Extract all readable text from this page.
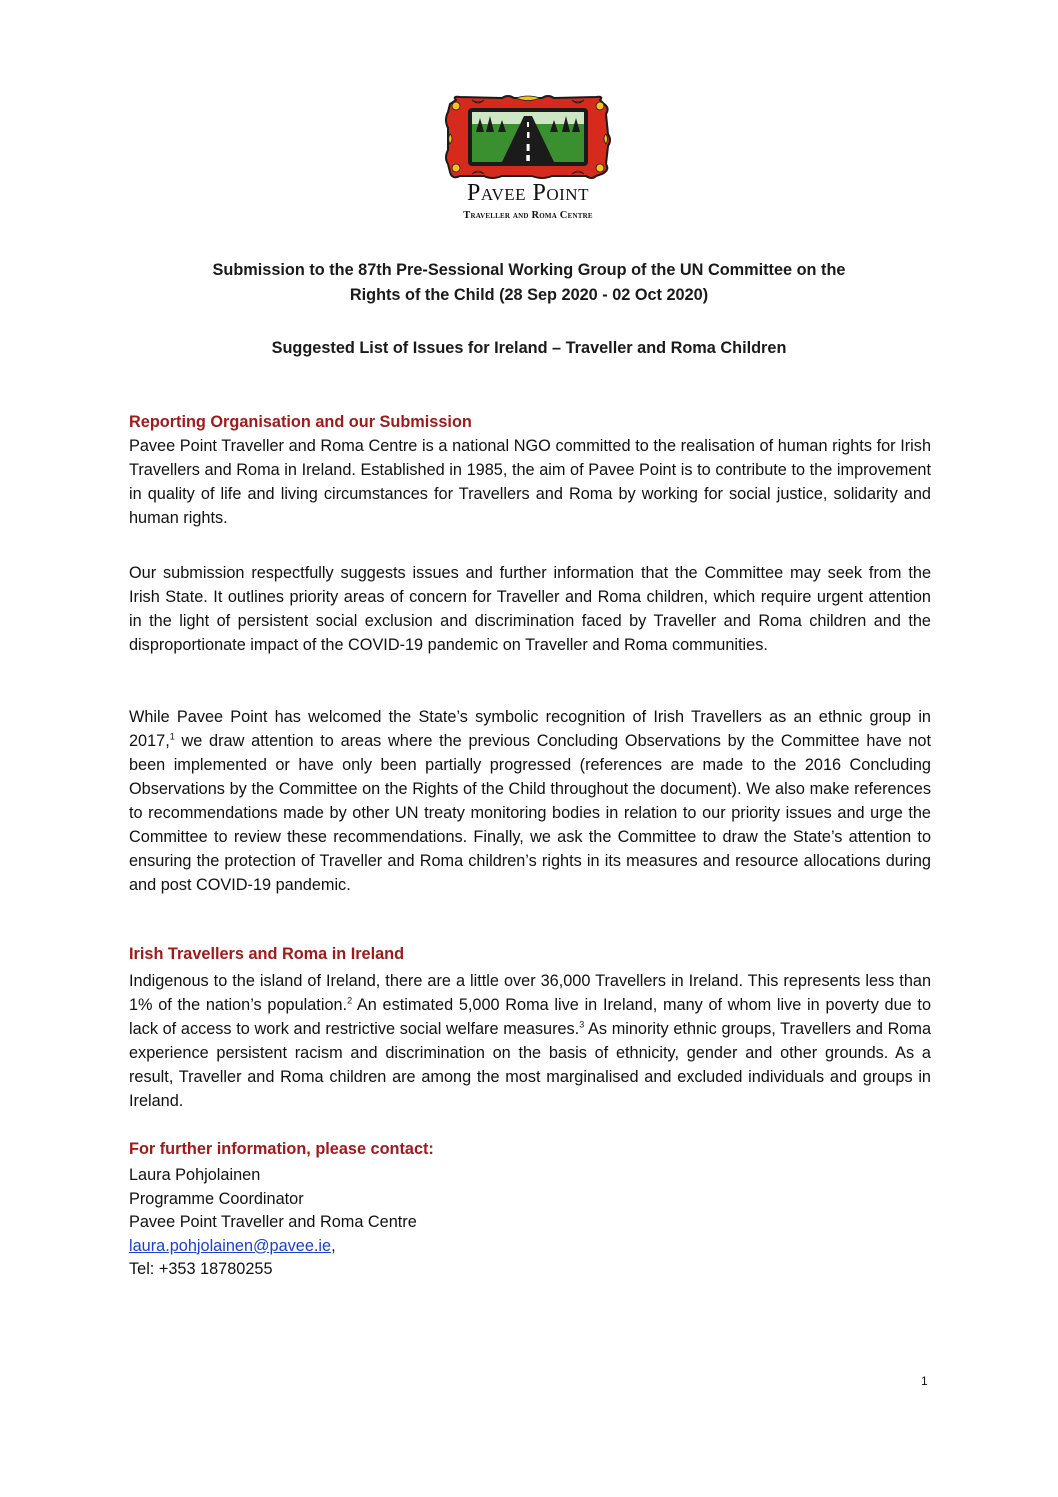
Pavee Point
Traveller and Roma Centre
Submission to the 87th Pre-Sessional Working Group of the UN Committee on the
Rights of the Child (28 Sep 2020 - 02 Oct 2020)
Suggested List of Issues for Ireland – Traveller and Roma Children
Reporting Organisation and our Submission
Pavee Point Traveller and Roma Centre is a national NGO committed to the realisation of human rights for Irish Travellers and Roma in Ireland. Established in 1985, the aim of Pavee Point is to contribute to the improvement in quality of life and living circumstances for Travellers and Roma by working for social justice, solidarity and human rights.
Our submission respectfully suggests issues and further information that the Committee may seek from the Irish State. It outlines priority areas of concern for Traveller and Roma children, which require urgent attention in the light of persistent social exclusion and discrimination faced by Traveller and Roma children and the disproportionate impact of the COVID-19 pandemic on Traveller and Roma communities.
While Pavee Point has welcomed the State’s symbolic recognition of Irish Travellers as an ethnic group in 2017,$^1$ we draw attention to areas where the previous Concluding Observations by the Committee have not been implemented or have only been partially progressed (references are made to the 2016 Concluding Observations by the Committee on the Rights of the Child throughout the document). We also make references to recommendations made by other UN treaty monitoring bodies in relation to our priority issues and urge the Committee to review these recommendations. Finally, we ask the Committee to draw the State’s attention to ensuring the protection of Traveller and Roma children’s rights in its measures and resource allocations during and post COVID-19 pandemic.
Irish Travellers and Roma in Ireland
Indigenous to the island of Ireland, there are a little over 36,000 Travellers in Ireland. This represents less than 1% of the nation’s population.$^2$ An estimated 5,000 Roma live in Ireland, many of whom live in poverty due to lack of access to work and restrictive social welfare measures.$^3$ As minority ethnic groups, Travellers and Roma experience persistent racism and discrimination on the basis of ethnicity, gender and other grounds. As a result, Traveller and Roma children are among the most marginalised and excluded individuals and groups in Ireland.
For further information, please contact:
Laura Pohjolainen
Programme Coordinator
Pavee Point Traveller and Roma Centre
laura.pohjolainen@pavee.ie,
Tel: +353 18780255
1
